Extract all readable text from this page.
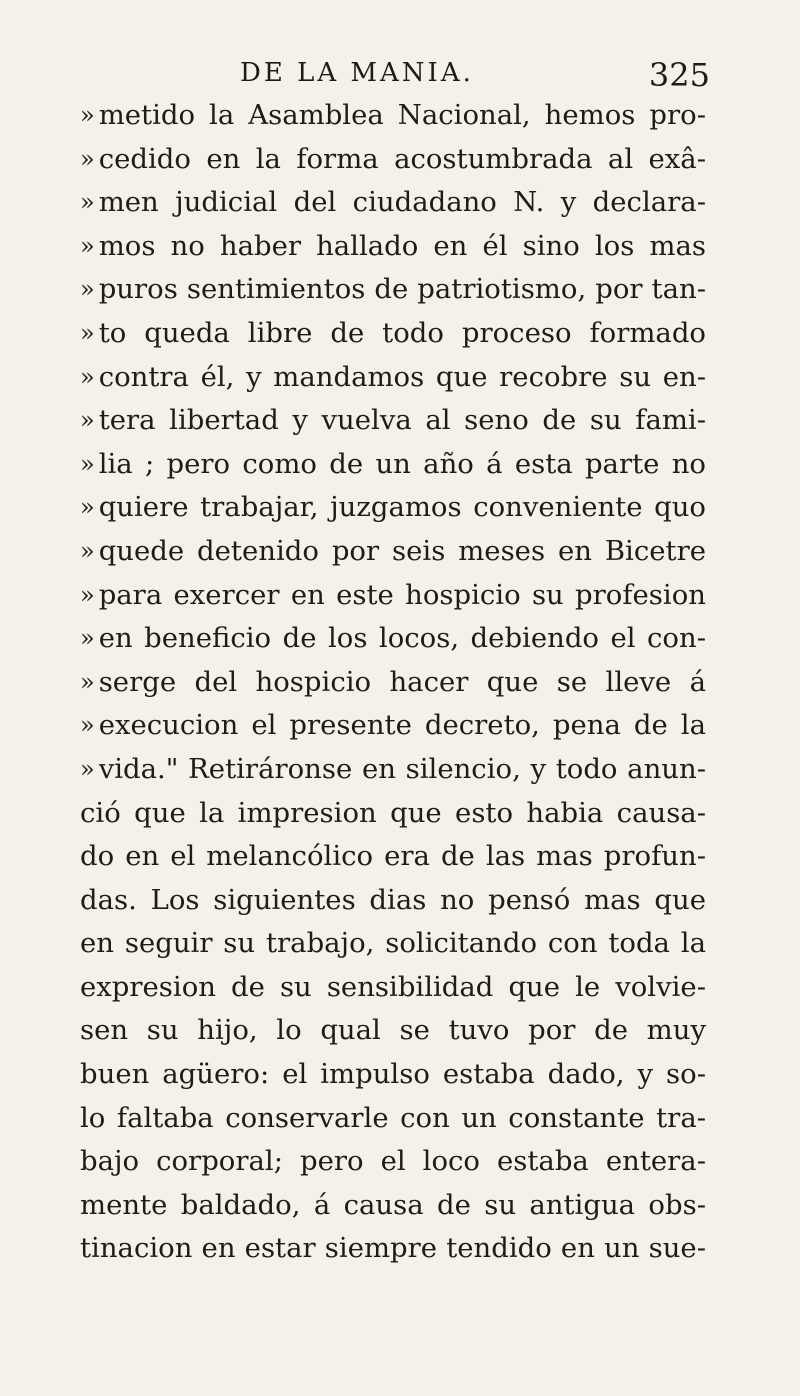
DE LA MANIA.	325
» metido la Asamblea Nacional, hemos pro-
» cedido en la forma acostumbrada al exâ-
» men judicial del ciudadano N. y declara-
» mos no haber hallado en él sino los mas
» puros sentimientos de patriotismo, por tan-
» to queda libre de todo proceso formado
» contra él, y mandamos que recobre su en-
» tera libertad y vuelva al seno de su fami-
» lia ; pero como de un año á esta parte no
» quiere trabajar, juzgamos conveniente quo
» quede detenido por seis meses en Bicetre
» para exercer en este hospicio su profesion
» en beneficio de los locos, debiendo el con-
» serge del hospicio hacer que se lleve á
» execucion el presente decreto, pena de la
» vida." Retiráronse en silencio, y todo anun-
ció que la impresion que esto habia causa-
do en el melancólico era de las mas profun-
das. Los siguientes dias no pensó mas que
en seguir su trabajo, solicitando con toda la
expresion de su sensibilidad que le volvie-
sen su hijo, lo qual se tuvo por de muy
buen agüero: el impulso estaba dado, y so-
lo faltaba conservarle con un constante tra-
bajo corporal; pero el loco estaba entera-
mente baldado, á causa de su antigua obs-
tinacion en estar siempre tendido en un sue-
